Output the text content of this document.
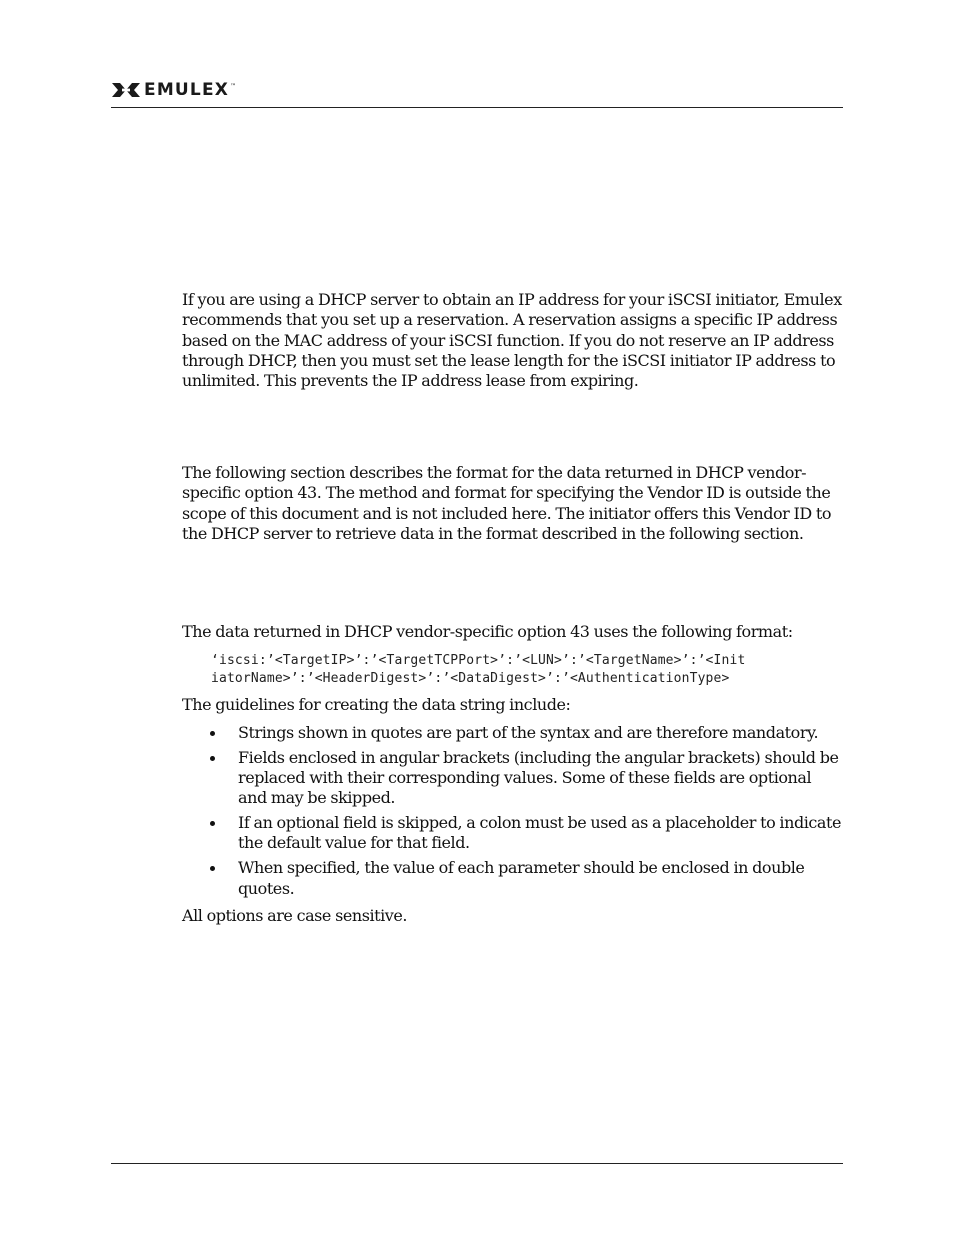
EMULEX ™

If you are using a DHCP server to obtain an IP address for your iSCSI initiator, Emulex recommends that you set up a reservation. A reservation assigns a specific IP address based on the MAC address of your iSCSI function. If you do not reserve an IP address through DHCP, then you must set the lease length for the iSCSI initiator IP address to unlimited. This prevents the IP address lease from expiring.

The following section describes the format for the data returned in DHCP vendor-specific option 43. The method and format for specifying the Vendor ID is outside the scope of this document and is not included here. The initiator offers this Vendor ID to the DHCP server to retrieve data in the format described in the following section.

The data returned in DHCP vendor-specific option 43 uses the following format:

‘iscsi:’<TargetIP>’:’<TargetTCPPort>’:’<LUN>’:’<TargetName>’:’<Init
iatorName>’:’<HeaderDigest>’:’<DataDigest>’:’<AuthenticationType>

The guidelines for creating the data string include:

Strings shown in quotes are part of the syntax and are therefore mandatory.
Fields enclosed in angular brackets (including the angular brackets) should be replaced with their corresponding values. Some of these fields are optional and may be skipped.
If an optional field is skipped, a colon must be used as a placeholder to indicate the default value for that field.
When specified, the value of each parameter should be enclosed in double quotes.

All options are case sensitive.
